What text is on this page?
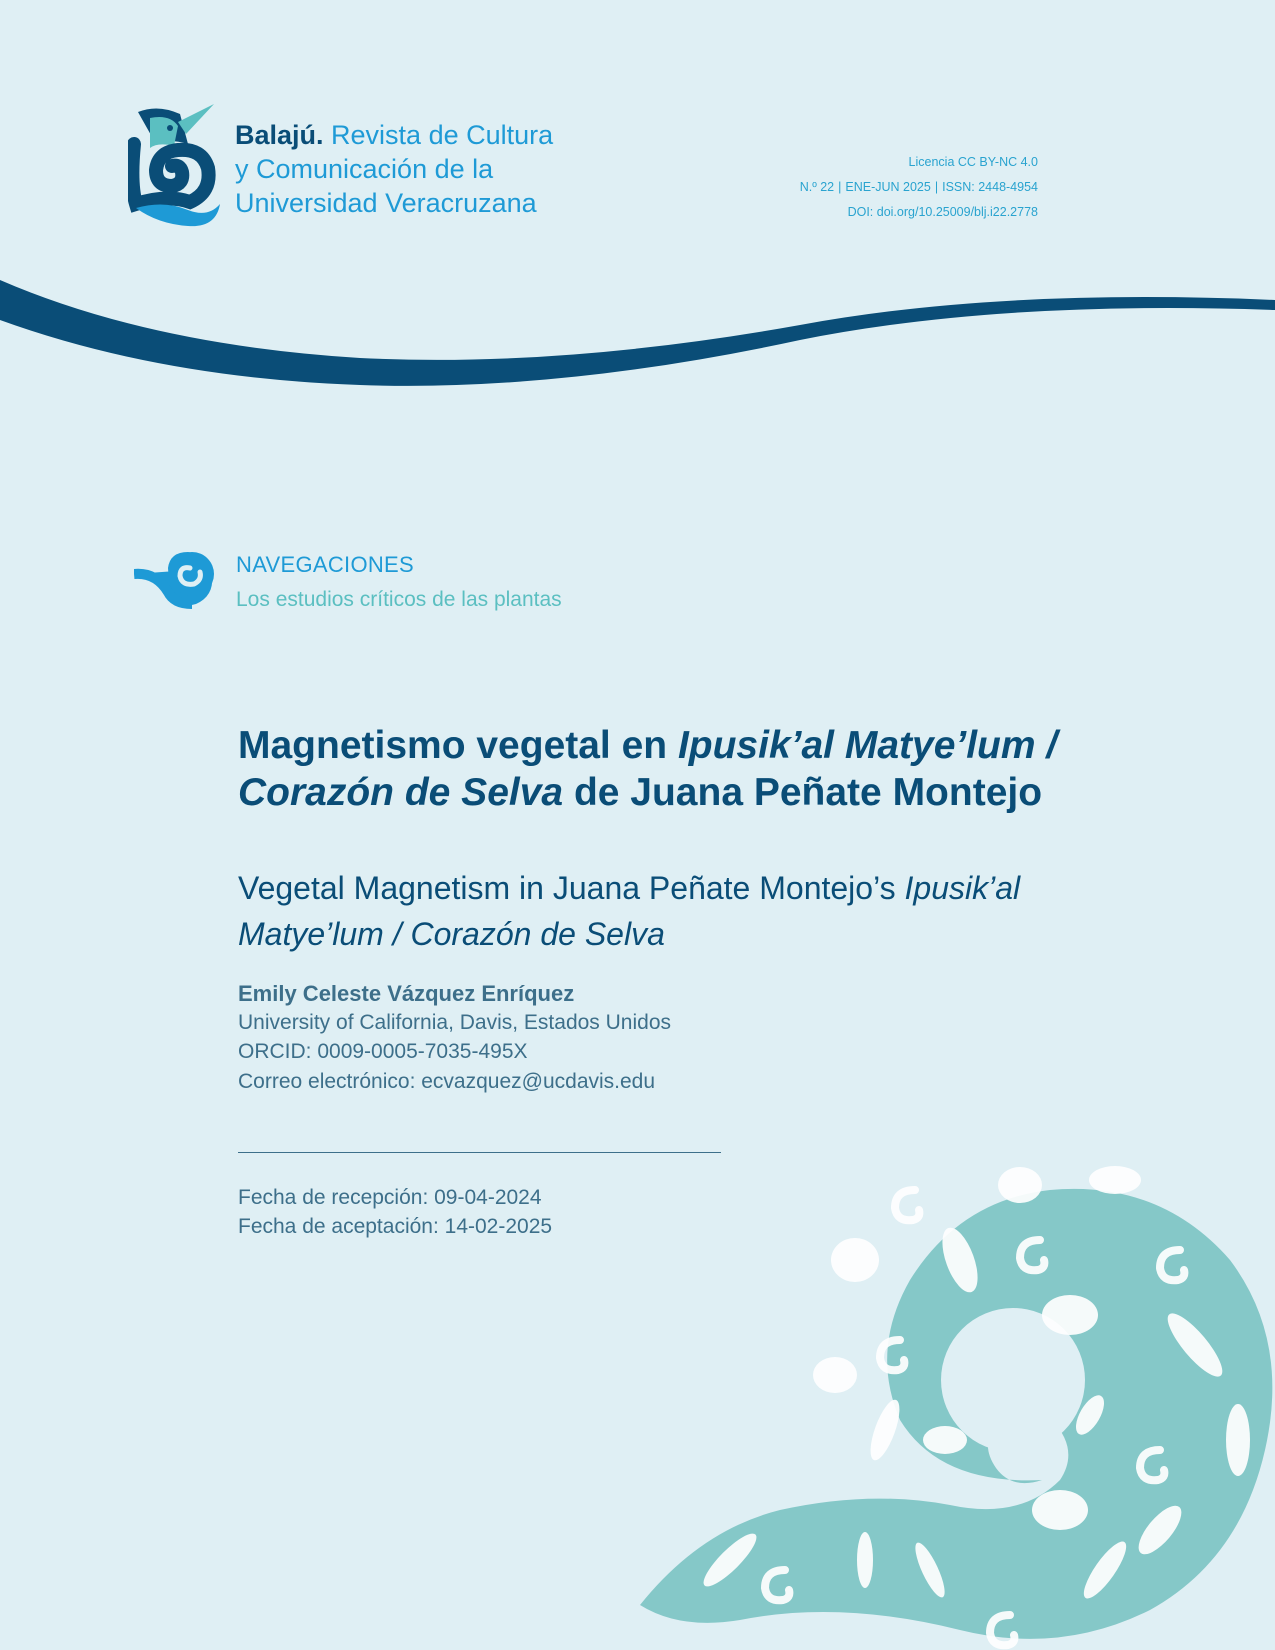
Balajú. Revista de Cultura
y Comunicación de la
Universidad Veracruzana
Licencia CC BY-NC 4.0
N.º 22 | ENE-JUN 2025 | ISSN: 2448-4954
DOI: doi.org/10.25009/blj.i22.2778
NAVEGACIONES
Los estudios críticos de las plantas
Magnetismo vegetal en Ipusik’al Matye’lum / Corazón de Selva de Juana Peñate Montejo
Vegetal Magnetism in Juana Peñate Montejo’s Ipusik’al Matye’lum / Corazón de Selva
Emily Celeste Vázquez Enríquez
University of California, Davis, Estados Unidos
ORCID: 0009-0005-7035-495X
Correo electrónico: ecvazquez@ucdavis.edu
Fecha de recepción: 09-04-2024
Fecha de aceptación: 14-02-2025
